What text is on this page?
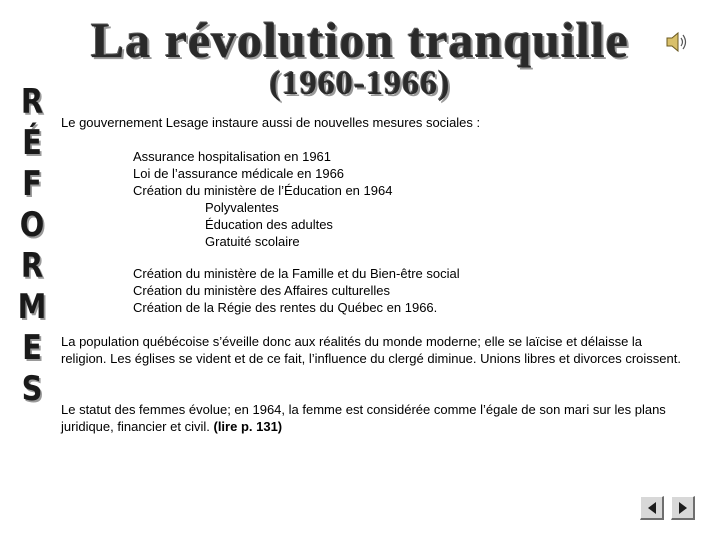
La révolution tranquille
(1960-1966)
R
É
F
O
R
M
E
S
Le gouvernement Lesage instaure aussi de nouvelles mesures sociales :
Assurance hospitalisation en 1961
Loi de l’assurance médicale en 1966
Création du ministère de l’Éducation en 1964
Polyvalentes
Éducation des adultes
Gratuité scolaire
Création du ministère de la Famille et du Bien-être social
Création du ministère des Affaires culturelles
Création de la Régie des rentes du Québec en 1966.
La population québécoise s’éveille donc aux réalités du monde moderne; elle se laïcise et délaisse la religion. Les églises se vident et de ce fait, l’influence du clergé diminue. Unions libres et divorces croissent.
Le statut des femmes évolue; en 1964, la femme est considérée comme l’égale de son mari sur les plans juridique, financier et civil. (lire p. 131)
